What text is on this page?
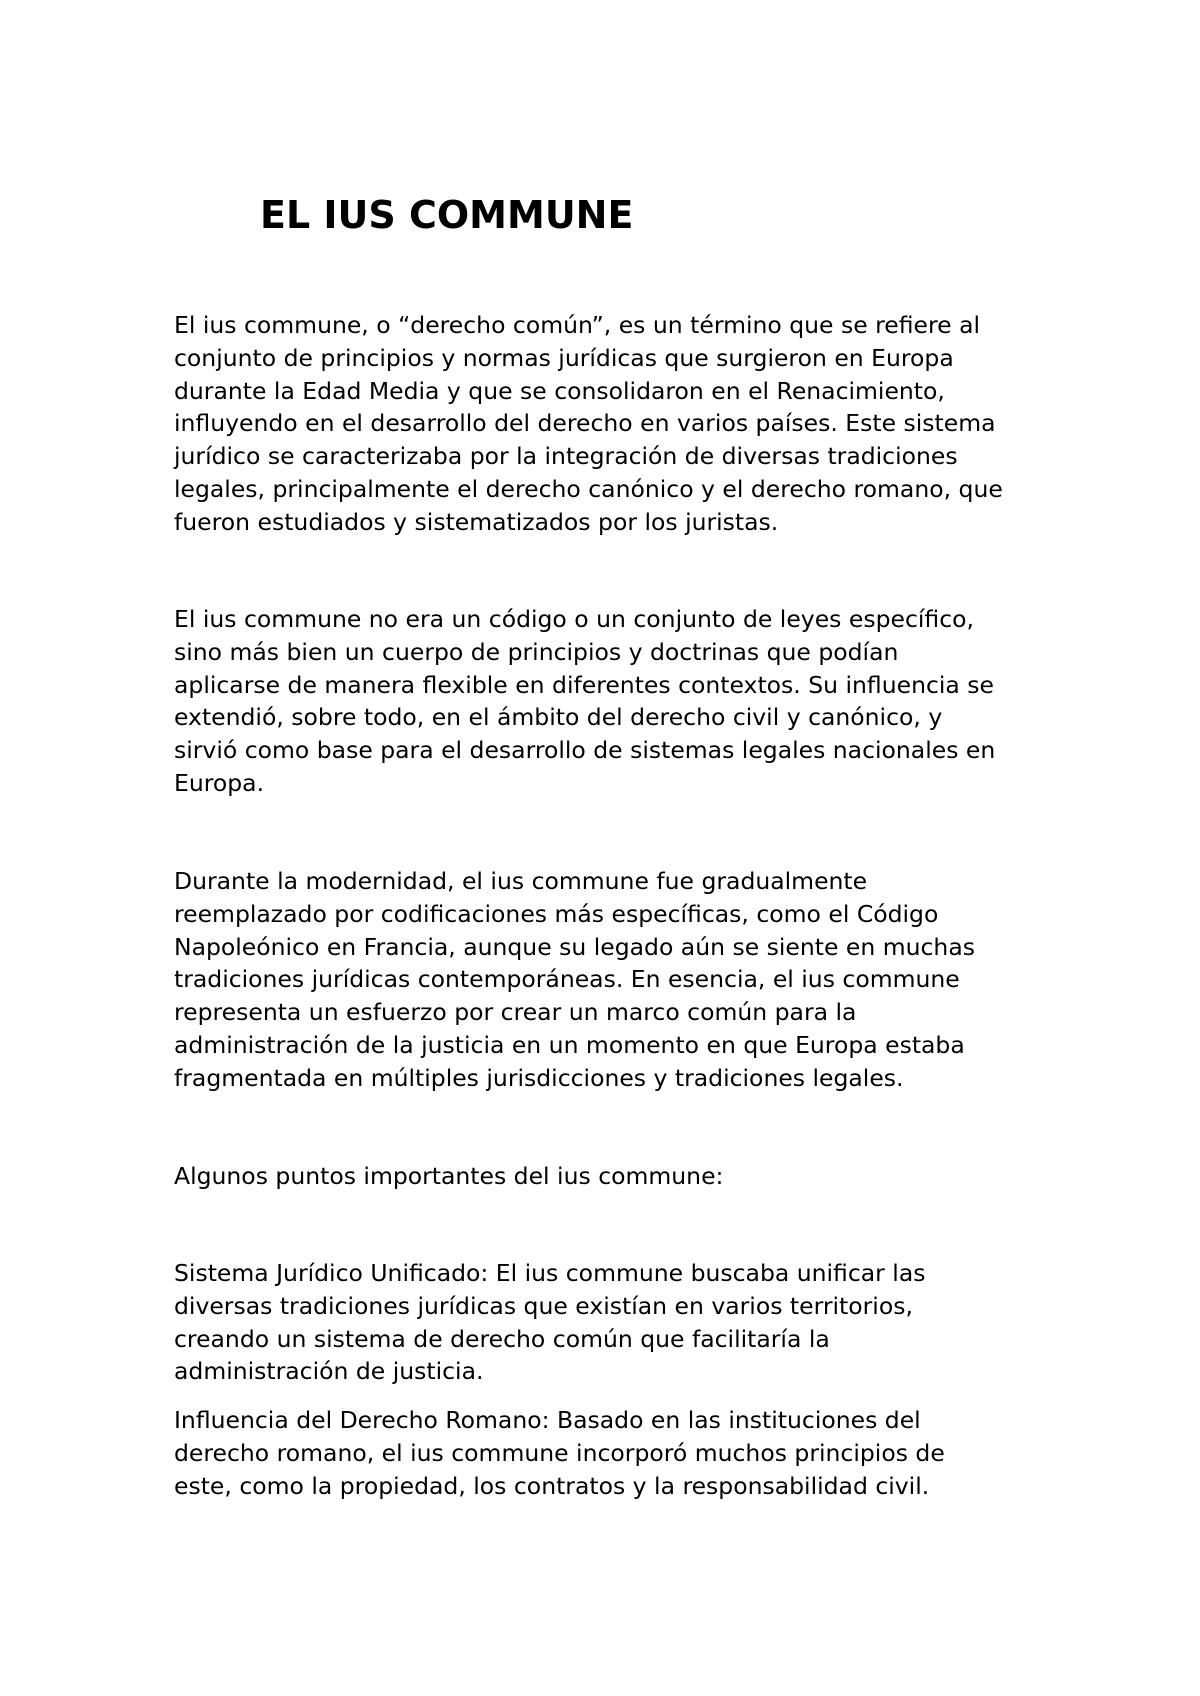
EL IUS COMMUNE

El ius commune, o “derecho común”, es un término que se refiere al
conjunto de principios y normas jurídicas que surgieron en Europa
durante la Edad Media y que se consolidaron en el Renacimiento,
influyendo en el desarrollo del derecho en varios países. Este sistema
jurídico se caracterizaba por la integración de diversas tradiciones
legales, principalmente el derecho canónico y el derecho romano, que
fueron estudiados y sistematizados por los juristas.

El ius commune no era un código o un conjunto de leyes específico,
sino más bien un cuerpo de principios y doctrinas que podían
aplicarse de manera flexible en diferentes contextos. Su influencia se
extendió, sobre todo, en el ámbito del derecho civil y canónico, y
sirvió como base para el desarrollo de sistemas legales nacionales en
Europa.

Durante la modernidad, el ius commune fue gradualmente
reemplazado por codificaciones más específicas, como el Código
Napoleónico en Francia, aunque su legado aún se siente en muchas
tradiciones jurídicas contemporáneas. En esencia, el ius commune
representa un esfuerzo por crear un marco común para la
administración de la justicia en un momento en que Europa estaba
fragmentada en múltiples jurisdicciones y tradiciones legales.

Algunos puntos importantes del ius commune:

Sistema Jurídico Unificado: El ius commune buscaba unificar las
diversas tradiciones jurídicas que existían en varios territorios,
creando un sistema de derecho común que facilitaría la
administración de justicia.

Influencia del Derecho Romano: Basado en las instituciones del
derecho romano, el ius commune incorporó muchos principios de
este, como la propiedad, los contratos y la responsabilidad civil.
